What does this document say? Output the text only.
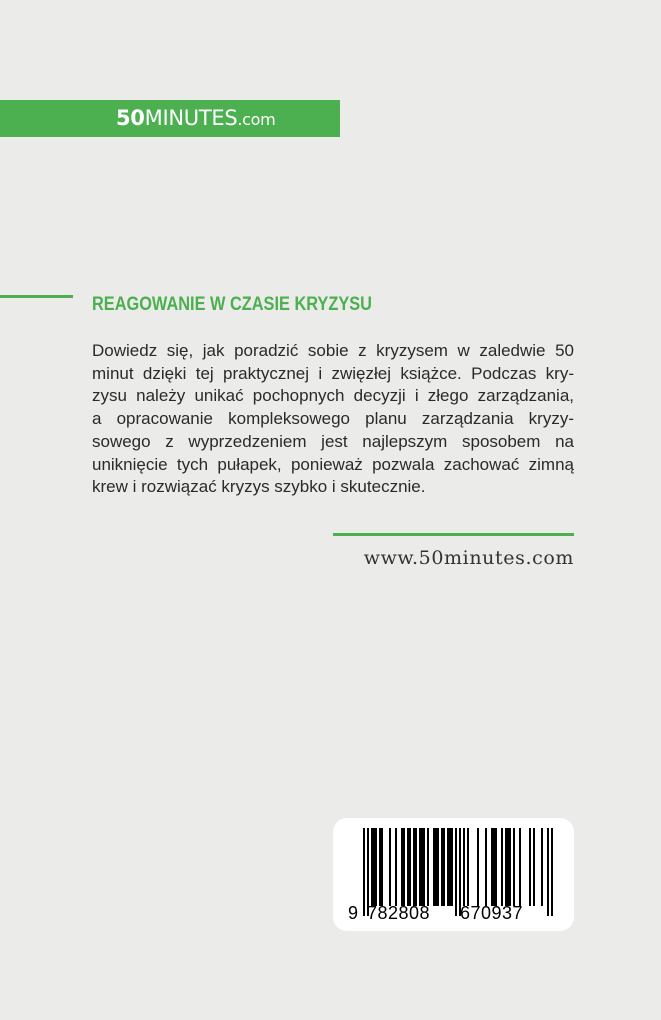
50MINUTES.com
REAGOWANIE W CZASIE KRYZYSU
Dowiedz się, jak poradzić sobie z kryzysem w zaledwie 50
minut dzięki tej praktycznej i zwięzłej książce. Podczas kry-
zysu należy unikać pochopnych decyzji i złego zarządzania,
a opracowanie kompleksowego planu zarządzania kryzy-
sowego z wyprzedzeniem jest najlepszym sposobem na
uniknięcie tych pułapek, ponieważ pozwala zachować zimną
krew i rozwiązać kryzys szybko i skutecznie.
www.50minutes.com
9 782808	670937
